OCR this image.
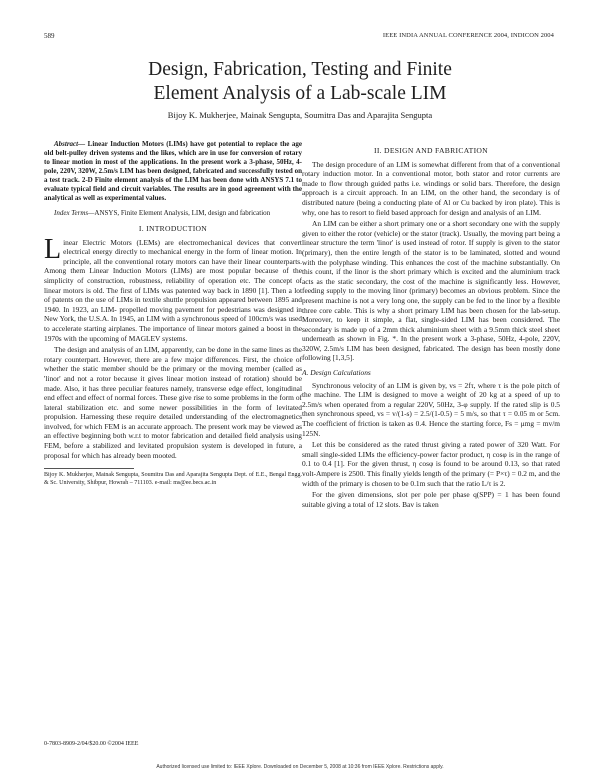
589	IEEE INDIA ANNUAL CONFERENCE 2004, INDICON 2004
Design, Fabrication, Testing and Finite
Element Analysis of a Lab-scale LIM
Bijoy K. Mukherjee, Mainak Sengupta, Soumitra Das and Aparajita Sengupta

Abstract— Linear Induction Motors (LIMs) have got potential to replace the age old belt-pulley driven systems and the likes, which are in use for conversion of rotary to linear motion in most of the applications. In the present work a 3-phase, 50Hz, 4-pole, 220V, 320W, 2.5m/s LIM has been designed, fabricated and successfully tested on a test track. 2-D Finite element analysis of the LIM has been done with ANSYS 7.1 to evaluate typical field and circuit variables. The results are in good agreement with the analytical as well as experimental values.

Index Terms—ANSYS, Finite Element Analysis, LIM, design and fabrication

I. INTRODUCTION

Linear Electric Motors (LEMs) are electromechanical devices that convert electrical energy directly to mechanical energy in the form of linear motion. In principle, all the conventional rotary motors can have their linear counterparts. Among them Linear Induction Motors (LIMs) are most popular because of the simplicity of construction, robustness, reliability of operation etc. The concept of linear motors is old. The first of LIMs was patented way back in 1890 [1]. Then a lot of patents on the use of LIMs in textile shuttle propulsion appeared between 1895 and 1940. In 1923, an LIM- propelled moving pavement for pedestrians was designed in New York, the U.S.A. In 1945, an LIM with a synchronous speed of 100cm/s was used to accelerate starting airplanes. The importance of linear motors gained a boost in the 1970s with the upcoming of MAGLEV systems.

The design and analysis of an LIM, apparently, can be done in the same lines as the rotary counterpart. However, there are a few major differences. First, the choice of whether the static member should be the primary or the moving member (called as 'linor' and not a rotor because it gives linear motion instead of rotation) should be made. Also, it has three peculiar features namely, transverse edge effect, longitudinal end effect and effect of normal forces. These give rise to some problems in the form of lateral stabilization etc. and some newer possibilities in the form of levitated propulsion. Harnessing these require detailed understanding of the electromagnetics involved, for which FEM is an accurate approach. The present work may be viewed as an effective beginning both w.r.t to motor fabrication and detailed field analysis using FEM, before a stabilized and levitated propulsion system is developed in future, a proposal for which has already been mooted.

Bijoy K. Mukherjee, Mainak Sengupta, Soumitra Das and Aparajita Sengupta Dept. of E.E., Bengal Engg. & Sc. University, Shibpur, Howrah – 711103. e-mail: ms@ee.becs.ac.in

II. DESIGN AND FABRICATION

The design procedure of an LIM is somewhat different from that of a conventional rotary induction motor. In a conventional motor, both stator and rotor currents are made to flow through guided paths i.e. windings or solid bars. Therefore, the design approach is a circuit approach. In an LIM, on the other hand, the secondary is of distributed nature (being a conducting plate of Al or Cu backed by iron plate). This is why, one has to resort to field based approach for design and analysis of an LIM.

An LIM can be either a short primary one or a short secondary one with the supply given to either the rotor (vehicle) or the stator (track). Usually, the moving part being a linear structure the term 'linor' is used instead of rotor. If supply is given to the stator (primary), then the entire length of the stator is to be laminated, slotted and wound with the polyphase winding. This enhances the cost of the machine substantially. On this count, if the linor is the short primary which is excited and the aluminium track acts as the static secondary, the cost of the machine is significantly less. However, feeding supply to the moving linor (primary) becomes an obvious problem. Since the present machine is not a very long one, the supply can be fed to the linor by a flexible three core cable. This is why a short primary LIM has been chosen for the lab-setup. Moreover, to keep it simple, a flat, single-sided LIM has been considered. The secondary is made up of a 2mm thick aluminium sheet with a 9.5mm thick steel sheet underneath as shown in Fig. *. In the present work a 3-phase, 50Hz, 4-pole, 220V, 320W, 2.5m/s LIM has been designed, fabricated. The design has been mostly done following [1,3,5].

A. Design Calculations

Synchronous velocity of an LIM is given by, vs = 2fτ, where τ is the pole pitch of the machine. The LIM is designed to move a weight of 20 kg at a speed of up to 2.5m/s when operated from a regular 220V, 50Hz, 3-φ supply. If the rated slip is 0.5 then synchronous speed, vs = v/(1-s) = 2.5/(1-0.5) = 5 m/s, so that τ = 0.05 m or 5cm. The coefficient of friction is taken as 0.4. Hence the starting force, Fs = μmg = mv/m 125N.

Let this be considered as the rated thrust giving a rated power of 320 Watt. For small single-sided LIMs the efficiency-power factor product, η cosφ is in the range of 0.1 to 0.4 [1]. For the given thrust, η cosφ is found to be around 0.13, so that rated volt-Ampere is 2500. This finally yields length of the primary (= P×τ) = 0.2 m, and the width of the primary is chosen to be 0.1m such that the ratio L/τ is 2.

For the given dimensions, slot per pole per phase q(SPP) = 1 has been found suitable giving a total of 12 slots. Bav is taken

0-7803-8909-2/04/$20.00 ©2004 IEEE
Authorized licensed use limited to: IEEE Xplore. Downloaded on December 5, 2008 at 10:36 from IEEE Xplore. Restrictions apply.
